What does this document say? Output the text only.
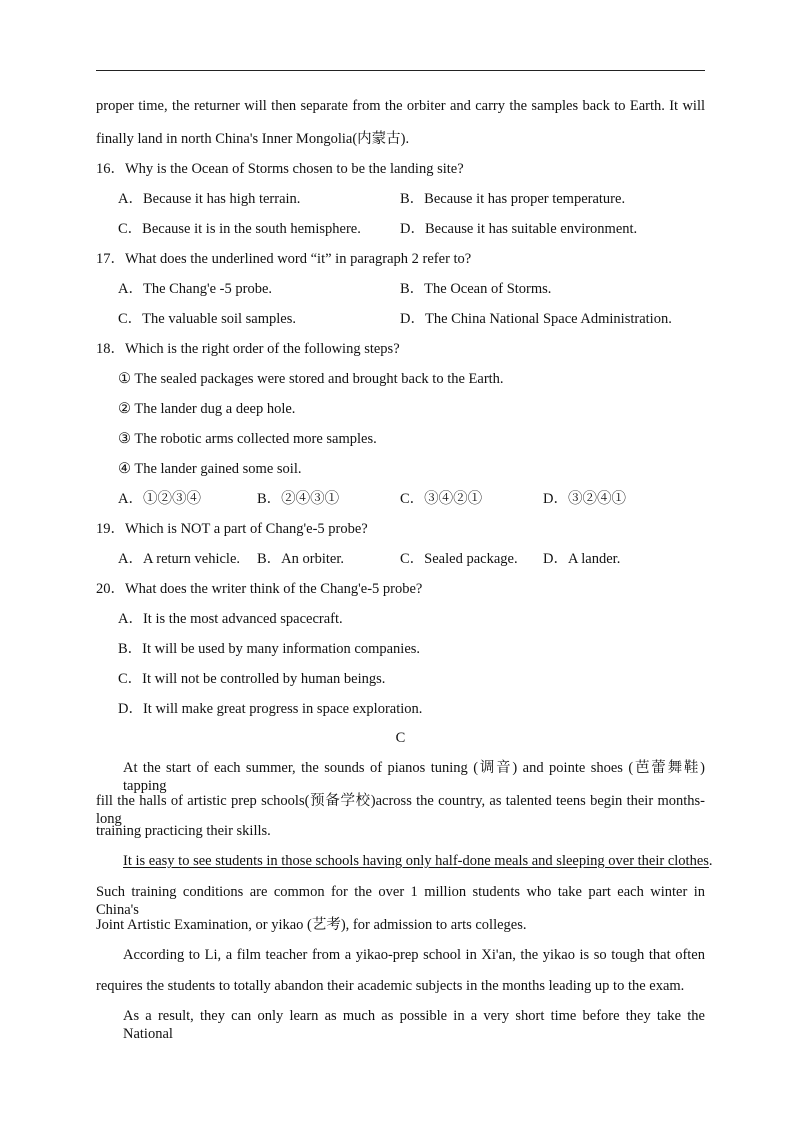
proper time, the returner will then separate from the orbiter and carry the samples back to Earth. It will
finally land in north China's Inner Mongolia(内蒙古).
16．Why is the Ocean of Storms chosen to be the landing site?
A．Because it has high terrain.	B．Because it has proper temperature.
C．Because it is in the south hemisphere.	D．Because it has suitable environment.
17．What does the underlined word “it” in paragraph 2 refer to?
A．The Chang'e -5 probe.	B．The Ocean of Storms.
C．The valuable soil samples.	D．The China National Space Administration.
18．Which is the right order of the following steps?
① The sealed packages were stored and brought back to the Earth.
② The lander dug a deep hole.
③ The robotic arms collected more samples.
④ The lander gained some soil.
A．①②③④	B．②④③①	C．③④②①	D．③②④①
19．Which is NOT a part of Chang'e-5 probe?
A．A return vehicle. B．An orbiter.	C．Sealed package. D．A lander.
20．What does the writer think of the Chang'e-5 probe?
A．It is the most advanced spacecraft.
B．It will be used by many information companies.
C．It will not be controlled by human beings.
D．It will make great progress in space exploration.
C
At the start of each summer, the sounds of pianos tuning (调音) and pointe shoes (芭蕾舞鞋) tapping
fill the halls of artistic prep schools(预备学校)across the country, as talented teens begin their months-long
training practicing their skills.
It is easy to see students in those schools having only half-done meals and sleeping over their clothes.
Such training conditions are common for the over 1 million students who take part each winter in China's
Joint Artistic Examination, or yikao (艺考), for admission to arts colleges.
According to Li, a film teacher from a yikao-prep school in Xi'an, the yikao is so tough that often
requires the students to totally abandon their academic subjects in the months leading up to the exam.
As a result, they can only learn as much as possible in a very short time before they take the National
